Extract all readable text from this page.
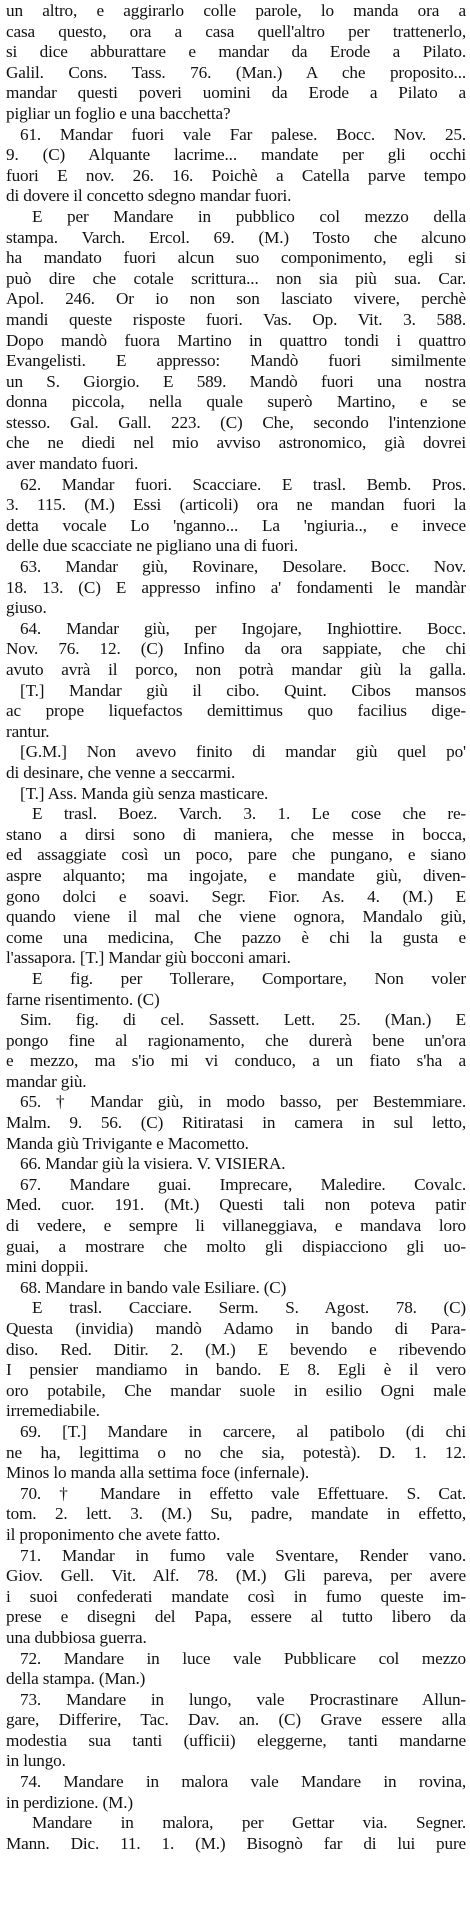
un altro, e aggirarlo colle parole, lo manda ora a
casa questo, ora a casa quell'altro per trattenerlo,
si dice abburattare e mandar da Erode a Pilato.
Galil. Cons. Tass. 76. (Man.) A che proposito...
mandar questi poveri uomini da Erode a Pilato a
pigliar un foglio e una bacchetta?
61. Mandar fuori vale Far palese. Bocc. Nov. 25.
9. (C) Alquante lacrime... mandate per gli occhi
fuori E nov. 26. 16. Poichè a Catella parve tempo
di dovere il concetto sdegno mandar fuori.
E per Mandare in pubblico col mezzo della
stampa. Varch. Ercol. 69. (M.) Tosto che alcuno
ha mandato fuori alcun suo componimento, egli si
può dire che cotale scrittura... non sia più sua. Car.
Apol. 246. Or io non son lasciato vivere, perchè
mandi queste risposte fuori. Vas. Op. Vit. 3. 588.
Dopo mandò fuora Martino in quattro tondi i quattro
Evangelisti. E appresso: Mandò fuori similmente
un S. Giorgio. E 589. Mandò fuori una nostra
donna piccola, nella quale superò Martino, e se
stesso. Gal. Gall. 223. (C) Che, secondo l'intenzione
che ne diedi nel mio avviso astronomico, già dovrei
aver mandato fuori.
62. Mandar fuori. Scacciare. E trasl. Bemb. Pros.
3. 115. (M.) Essi (articoli) ora ne mandan fuori la
detta vocale Lo 'nganno... La 'ngiuria.., e invece
delle due scacciate ne pigliano una di fuori.
63. Mandar giù, Rovinare, Desolare. Bocc. Nov.
18. 13. (C) E appresso infino a' fondamenti le mandàr
giuso.
64. Mandar giù, per Ingojare, Inghiottire. Bocc.
Nov. 76. 12. (C) Infino da ora sappiate, che chi
avuto avrà il porco, non potrà mandar giù la galla.
[T.] Mandar giù il cibo. Quint. Cibos mansos
ac prope liquefactos demittimus quo facilius dige-
rantur.
[G.M.] Non avevo finito di mandar giù quel po'
di desinare, che venne a seccarmi.
[T.] Ass. Manda giù senza masticare.
E trasl. Boez. Varch. 3. 1. Le cose che re-
stano a dirsi sono di maniera, che messe in bocca,
ed assaggiate così un poco, pare che pungano, e siano
aspre alquanto; ma ingojate, e mandate giù, diven-
gono dolci e soavi. Segr. Fior. As. 4. (M.) E
quando viene il mal che viene ognora, Mandalo giù,
come una medicina, Che pazzo è chi la gusta e
l'assapora. [T.] Mandar giù bocconi amari.
E fig. per Tollerare, Comportare, Non voler
farne risentimento. (C)
Sim. fig. di cel. Sassett. Lett. 25. (Man.) E
pongo fine al ragionamento, che durerà bene un'ora
e mezzo, ma s'io mi vi conduco, a un fiato s'ha a
mandar giù.
65. † Mandar giù, in modo basso, per Bestemmiare.
Malm. 9. 56. (C) Ritiratasi in camera in sul letto,
Manda giù Trivigante e Macometto.
66. Mandar giù la visiera. V. VISIERA.
67. Mandare guai. Imprecare, Maledire. Covalc.
Med. cuor. 191. (Mt.) Questi tali non poteva patir
di vedere, e sempre li villaneggiava, e mandava loro
guai, a mostrare che molto gli dispiacciono gli uo-
mini doppii.
68. Mandare in bando vale Esiliare. (C)
E trasl. Cacciare. Serm. S. Agost. 78. (C)
Questa (invidia) mandò Adamo in bando di Para-
diso. Red. Ditir. 2. (M.) E bevendo e ribevendo
I pensier mandiamo in bando. E 8. Egli è il vero
oro potabile, Che mandar suole in esilio Ogni male
irremediabile.
69. [T.] Mandare in carcere, al patibolo (di chi
ne ha, legittima o no che sia, potestà). D. 1. 12.
Minos lo manda alla settima foce (infernale).
70. † Mandare in effetto vale Effettuare. S. Cat.
tom. 2. lett. 3. (M.) Su, padre, mandate in effetto,
il proponimento che avete fatto.
71. Mandar in fumo vale Sventare, Render vano.
Giov. Gell. Vit. Alf. 78. (M.) Gli pareva, per avere
i suoi confederati mandate così in fumo queste im-
prese e disegni del Papa, essere al tutto libero da
una dubbiosa guerra.
72. Mandare in luce vale Pubblicare col mezzo
della stampa. (Man.)
73. Mandare in lungo, vale Procrastinare Allun-
gare, Differire, Tac. Dav. an. (C) Grave essere alla
modestia sua tanti (ufficii) eleggerne, tanti mandarne
in lungo.
74. Mandare in malora vale Mandare in rovina,
in perdizione. (M.)
Mandare in malora, per Gettar via. Segner.
Mann. Dic. 11. 1. (M.) Bisognò far di lui pure
